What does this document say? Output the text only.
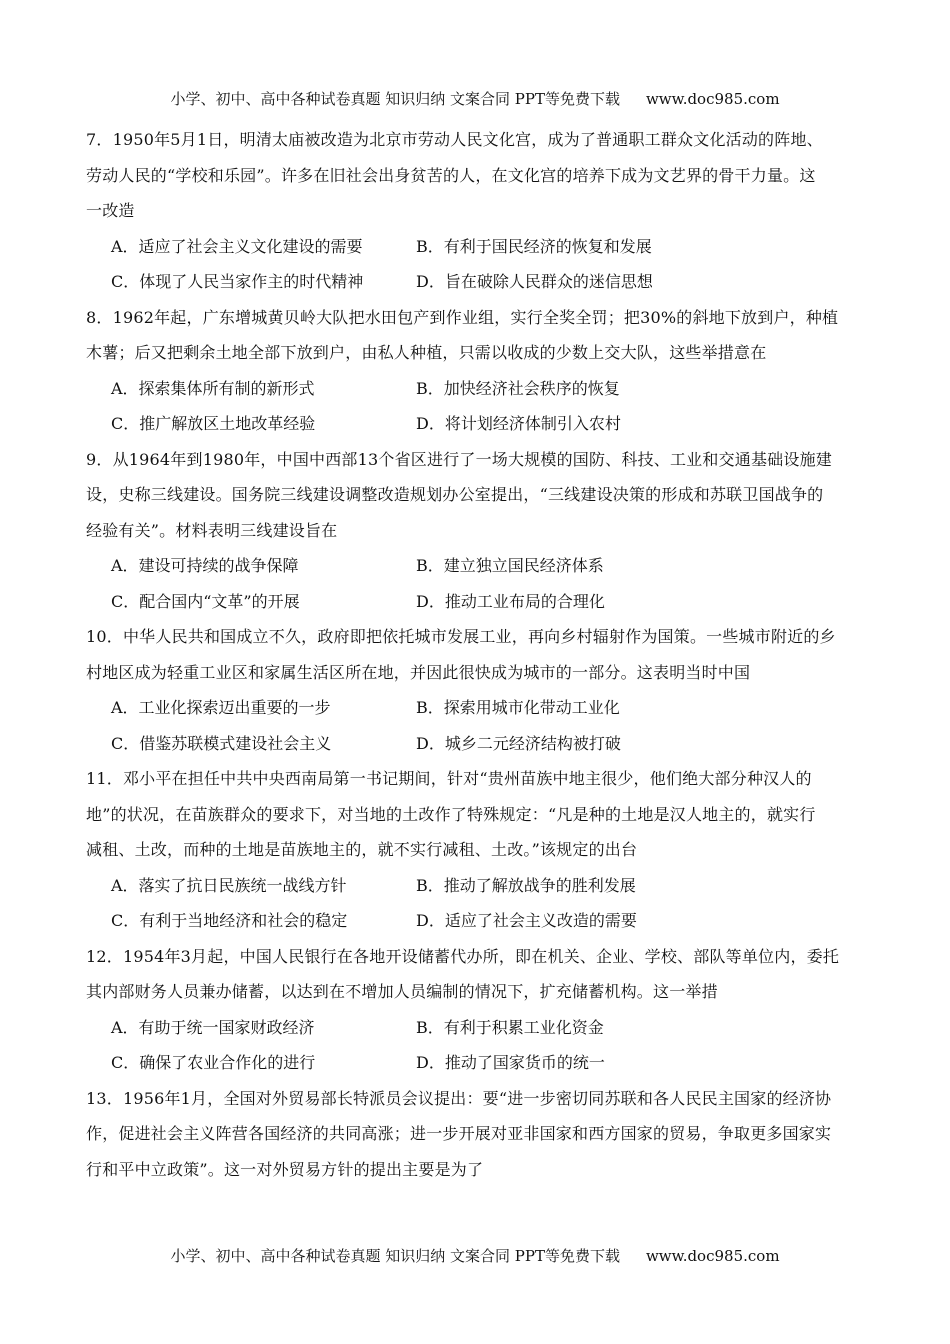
小学、初中、高中各种试卷真题 知识归纳 文案合同 PPT等免费下载 www.doc985.com
7．1950年5月1日，明清太庙被改造为北京市劳动人民文化宫，成为了普通职工群众文化活动的阵地、
劳动人民的“学校和乐园”。许多在旧社会出身贫苦的人，在文化宫的培养下成为文艺界的骨干力量。这
一改造
A．适应了社会主义文化建设的需要	B．有利于国民经济的恢复和发展
C．体现了人民当家作主的时代精神	D．旨在破除人民群众的迷信思想
8．1962年起，广东增城黄贝岭大队把水田包产到作业组，实行全奖全罚；把30%的斜地下放到户，种植
木薯；后又把剩余土地全部下放到户，由私人种植，只需以收成的少数上交大队，这些举措意在
A．探索集体所有制的新形式	B．加快经济社会秩序的恢复
C．推广解放区土地改革经验	D．将计划经济体制引入农村
9．从1964年到1980年，中国中西部13个省区进行了一场大规模的国防、科技、工业和交通基础设施建
设，史称三线建设。国务院三线建设调整改造规划办公室提出，“三线建设决策的形成和苏联卫国战争的
经验有关”。材料表明三线建设旨在
A．建设可持续的战争保障	B．建立独立国民经济体系
C．配合国内“文革”的开展	D．推动工业布局的合理化
10．中华人民共和国成立不久，政府即把依托城市发展工业，再向乡村辐射作为国策。一些城市附近的乡
村地区成为轻重工业区和家属生活区所在地，并因此很快成为城市的一部分。这表明当时中国
A．工业化探索迈出重要的一步	B．探索用城市化带动工业化
C．借鉴苏联模式建设社会主义	D．城乡二元经济结构被打破
11．邓小平在担任中共中央西南局第一书记期间，针对“贵州苗族中地主很少，他们绝大部分种汉人的
地”的状况，在苗族群众的要求下，对当地的土改作了特殊规定：“凡是种的土地是汉人地主的，就实行
减租、土改，而种的土地是苗族地主的，就不实行减租、土改。”该规定的出台
A．落实了抗日民族统一战线方针	B．推动了解放战争的胜利发展
C．有利于当地经济和社会的稳定	D．适应了社会主义改造的需要
12．1954年3月起，中国人民银行在各地开设储蓄代办所，即在机关、企业、学校、部队等单位内，委托
其内部财务人员兼办储蓄，以达到在不增加人员编制的情况下，扩充储蓄机构。这一举措
A．有助于统一国家财政经济	B．有利于积累工业化资金
C．确保了农业合作化的进行	D．推动了国家货币的统一
13．1956年1月，全国对外贸易部长特派员会议提出：要“进一步密切同苏联和各人民民主国家的经济协
作，促进社会主义阵营各国经济的共同高涨；进一步开展对亚非国家和西方国家的贸易，争取更多国家实
行和平中立政策”。这一对外贸易方针的提出主要是为了
小学、初中、高中各种试卷真题 知识归纳 文案合同 PPT等免费下载 www.doc985.com
